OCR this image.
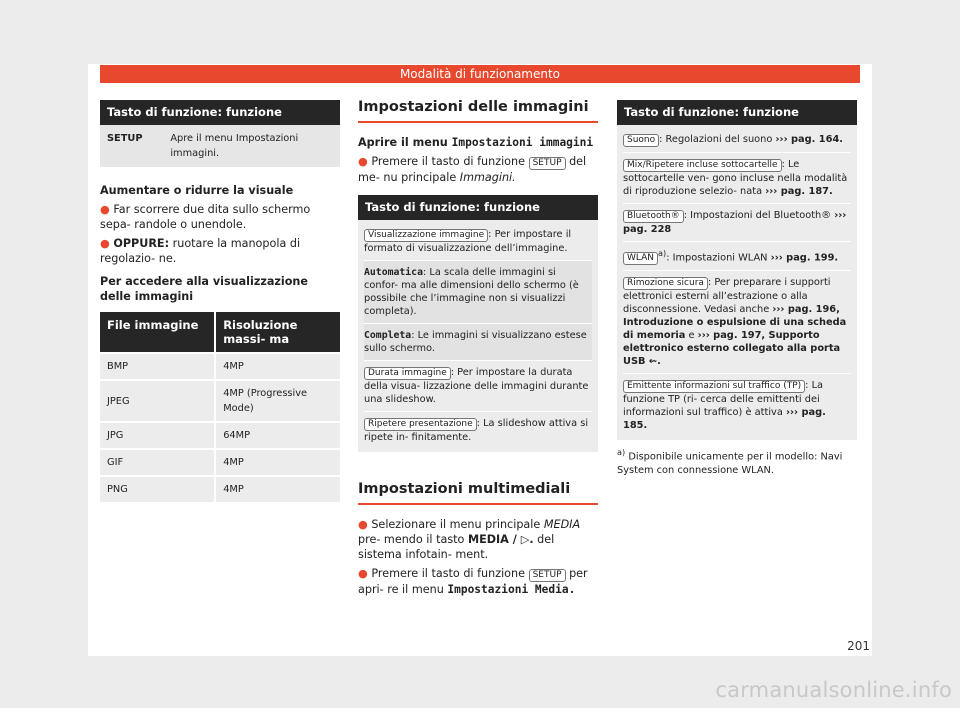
Modalità di funzionamento
Tasto di funzione: funzione
SETUP	Apre il menu Impostazioni immagini.

Aumentare o ridurre la visuale

● Far scorrere due dita sullo schermo sepa- randole o unendole.

● OPPURE: ruotare la manopola di regolazio- ne.

Per accedere alla visualizzazione delle immagini

File immagine	Risoluzione massi- ma
BMP	4MP
JPEG	4MP (Progressive Mode)
JPG	64MP
GIF	4MP
PNG	4MP
Impostazioni delle immagini

Aprire il menu Impostazioni immagini

● Premere il tasto di funzione SETUP del me- nu principale Immagini.

Tasto di funzione: funzione

Visualizzazione immagine : Per impostare il formato di visualizzazione dell’immagine.

Automatica: La scala delle immagini si confor- ma alle dimensioni dello schermo (è possibile che l’immagine non si visualizzi completa).

Completa: Le immagini si visualizzano estese sullo schermo.

Durata immagine : Per impostare la durata della visua- lizzazione delle immagini durante una slideshow.

Ripetere presentazione : La slideshow attiva si ripete in- finitamente.

Impostazioni multimediali

● Selezionare il menu principale MEDIA pre- mendo il tasto MEDIA / ▷. del sistema infotain- ment.

● Premere il tasto di funzione SETUP per apri- re il menu Impostazioni Media.

Tasto di funzione: funzione

Suono : Regolazioni del suono ››› pag. 164.

Mix/Ripetere incluse sottocartelle : Le sottocartelle ven- gono incluse nella modalità di riproduzione selezio- nata ››› pag. 187.

Bluetooth® : Impostazioni del Bluetooth® ››› pag. 228

WLAN$^{a)}$: Impostazioni WLAN ››› pag. 199.

Rimozione sicura : Per preparare i supporti elettronici esterni all’estrazione o alla disconnessione. Vedasi anche ››› pag. 196, Introduzione o espulsione di una scheda di memoria e ››› pag. 197, Supporto elettronico esterno collegato alla porta USB ⇜.

Emittente informazioni sul traffico (TP) : La funzione TP (ri- cerca delle emittenti dei informazioni sul traffico) è attiva ››› pag. 185.

$^{a)}$ Disponibile unicamente per il modello: Navi System con connessione WLAN.

201
carmanualsonline.info
